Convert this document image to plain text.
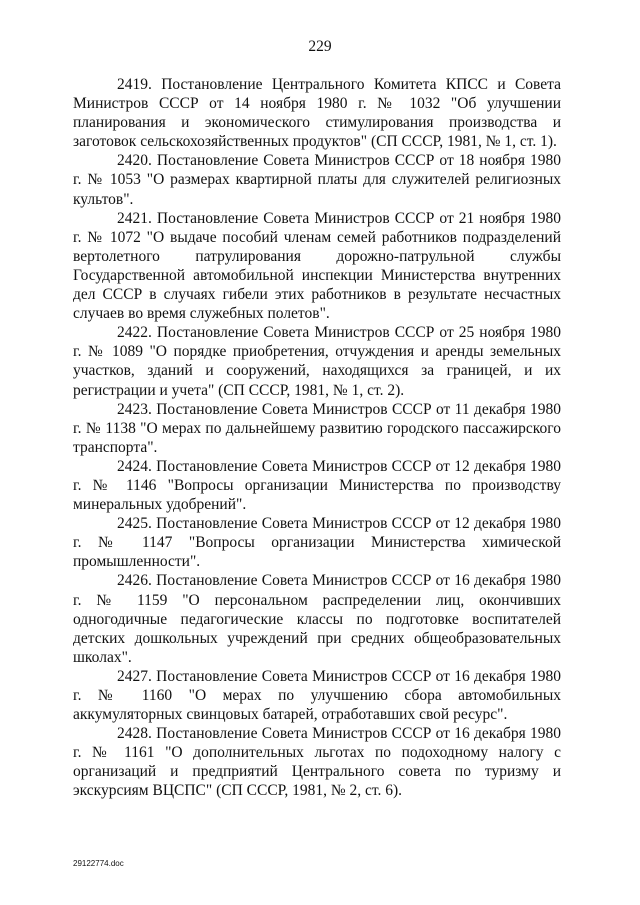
229

2419. Постановление Центрального Комитета КПСС и Совета Министров СССР от 14 ноября 1980 г. № 1032 "Об улучшении планирования и экономического стимулирования производства и заготовок сельскохозяйственных продуктов" (СП СССР, 1981, № 1, ст. 1).

2420. Постановление Совета Министров СССР от 18 ноября 1980 г. № 1053 "О размерах квартирной платы для служителей религиозных культов".

2421. Постановление Совета Министров СССР от 21 ноября 1980 г. № 1072 "О выдаче пособий членам семей работников подразделений вертолетного патрулирования дорожно-патрульной службы Государственной автомобильной инспекции Министерства внутренних дел СССР в случаях гибели этих работников в результате несчастных случаев во время служебных полетов".

2422. Постановление Совета Министров СССР от 25 ноября 1980 г. № 1089 "О порядке приобретения, отчуждения и аренды земельных участков, зданий и сооружений, находящихся за границей, и их регистрации и учета" (СП СССР, 1981, № 1, ст. 2).

2423. Постановление Совета Министров СССР от 11 декабря 1980 г. № 1138 "О мерах по дальнейшему развитию городского пассажирского транспорта".

2424. Постановление Совета Министров СССР от 12 декабря 1980 г. № 1146 "Вопросы организации Министерства по производству минеральных удобрений".

2425. Постановление Совета Министров СССР от 12 декабря 1980 г. № 1147 "Вопросы организации Министерства химической промышленности".

2426. Постановление Совета Министров СССР от 16 декабря 1980 г. № 1159 "О персональном распределении лиц, окончивших одногодичные педагогические классы по подготовке воспитателей детских дошкольных учреждений при средних общеобразовательных школах".

2427. Постановление Совета Министров СССР от 16 декабря 1980 г. № 1160 "О мерах по улучшению сбора автомобильных аккумуляторных свинцовых батарей, отработавших свой ресурс".

2428. Постановление Совета Министров СССР от 16 декабря 1980 г. № 1161 "О дополнительных льготах по подоходному налогу с организаций и предприятий Центрального совета по туризму и экскурсиям ВЦСПС" (СП СССР, 1981, № 2, ст. 6).

29122774.doc
